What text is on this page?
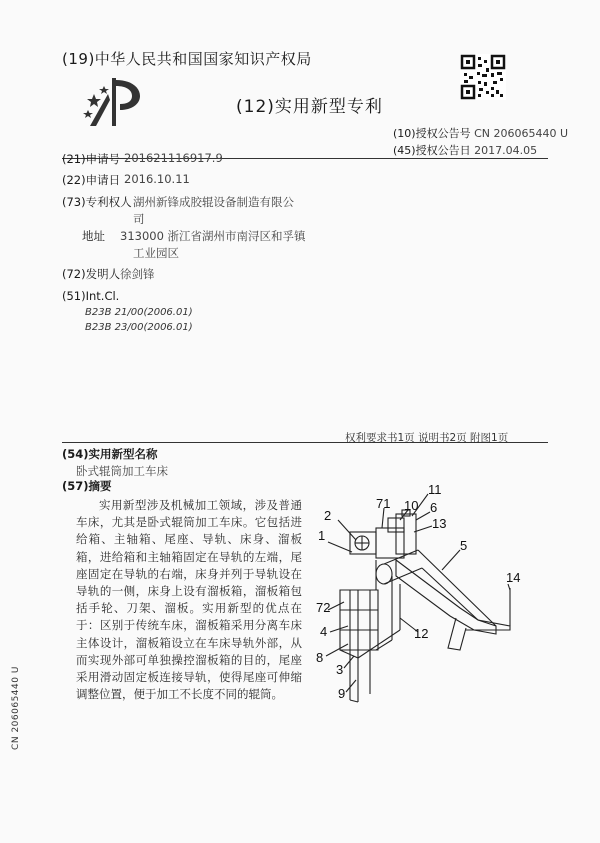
(19)中华人民共和国国家知识产权局
(12)实用新型专利
(10)授权公告号 CN 206065440 U
(45)授权公告日 2017.04.05
(21)申请号 201621116917.9
(22)申请日 2016.10.11
(73)专利权人 湖州新锋成胶辊设备制造有限公
司
地址 313000 浙江省湖州市南浔区和孚镇
工业园区
(72)发明人 徐剑锋
(51)Int.Cl.
B23B 21/00(2006.01)
B23B 23/00(2006.01)
权利要求书1页 说明书2页 附图1页
(54)实用新型名称
卧式辊筒加工车床
(57)摘要

实用新型涉及机械加工领域，涉及普通车床，尤其是卧式辊筒加工车床。它包括进给箱、主轴箱、尾座、导轨、床身、溜板箱，进给箱和主轴箱固定在导轨的左端，尾座固定在导轨的右端，床身并列于导轨设在导轨的一侧，床身上设有溜板箱，溜板箱包括手轮、刀架、溜板。实用新型的优点在于：区别于传统车床，溜板箱采用分离车床主体设计，溜板箱设立在车床导轨外部，从而实现外部可单独操控溜板箱的目的，尾座采用滑动固定板连接导轨，使得尾座可伸缩调整位置，便于加工不长度不同的辊筒。

1
2
71 10
11
6
13
5
14
72
4
8
3
9
12
CN 206065440 U
